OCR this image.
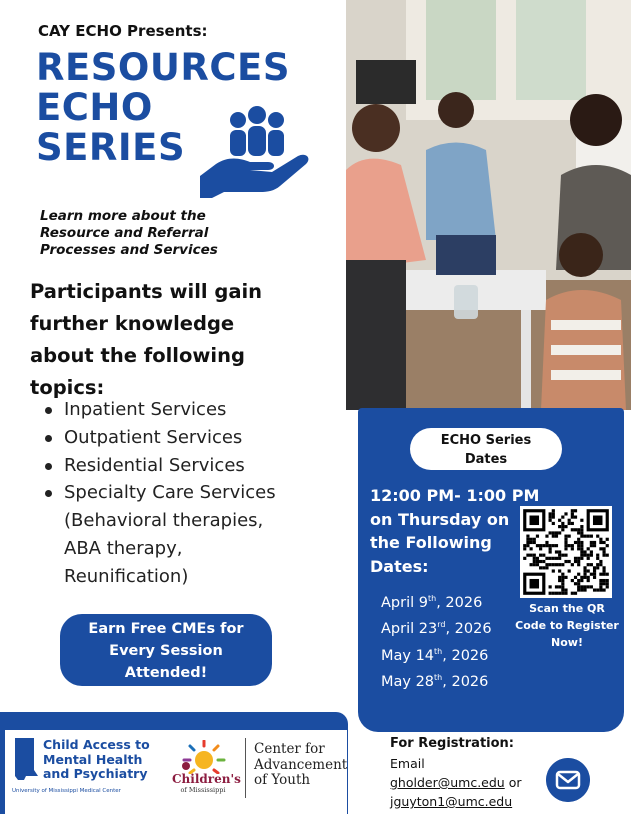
CAY ECHO Presents:
RESOURCES
ECHO
SERIES
Learn more about the
Resource and Referral
Processes and Services
Participants will gain
further knowledge
about the following
topics:
Inpatient Services
Outpatient Services
Residential Services
Specialty Care Services
(Behavioral therapies,
ABA therapy,
Reunification)
Earn Free CMEs for
Every Session
Attended!
ECHO Series
Dates
12:00 PM- 1:00 PM
on Thursday on
the Following
Dates:
Scan the QR
Code to Register
Now!
April 9th, 2026
April 23rd, 2026
May 14th, 2026
May 28th, 2026
Child Access to
Mental Health
and Psychiatry
University of Mississippi Medical Center
Children's
of Mississippi
Center for
Advancement
of Youth
For Registration:
Email
gholder@umc.edu or
jguyton1@umc.edu
